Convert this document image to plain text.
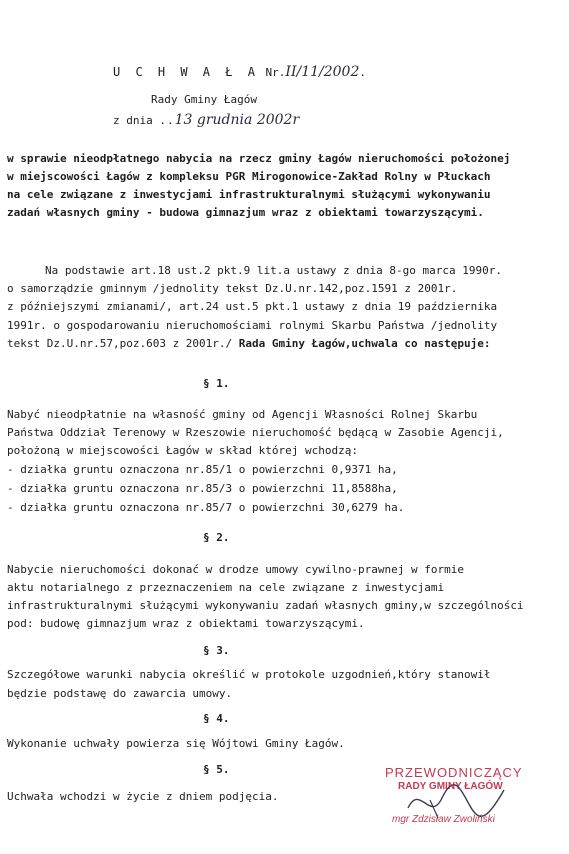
U C H W A Ł A Nr.II/11/2002.
Rady Gminy Łagów
z dnia ..13 grudnia 2002r
w sprawie nieodpłatnego nabycia na rzecz gminy Łagów nieruchomości położonej
w miejscowości Łagów z kompleksu PGR Mirogonowice-Zakład Rolny w Płuckach
na cele związane z inwestycjami infrastrukturalnymi służącymi wykonywaniu
zadań własnych gminy - budowa gimnazjum wraz z obiektami towarzyszącymi.
Na podstawie art.18 ust.2 pkt.9 lit.a ustawy z dnia 8-go marca 1990r.
o samorządzie gminnym /jednolity tekst Dz.U.nr.142,poz.1591 z 2001r.
z późniejszymi zmianami/, art.24 ust.5 pkt.1 ustawy z dnia 19 października
1991r. o gospodarowaniu nieruchomościami rolnymi Skarbu Państwa /jednolity
tekst Dz.U.nr.57,poz.603 z 2001r./ Rada Gminy Łagów,uchwala co następuje:
§ 1.
Nabyć nieodpłatnie na własność gminy od Agencji Własności Rolnej Skarbu
Państwa Oddział Terenowy w Rzeszowie nieruchomość będącą w Zasobie Agencji,
położoną w miejscowości Łagów w skład której wchodzą:
- działka gruntu oznaczona nr.85/1 o powierzchni 0,9371 ha,
- działka gruntu oznaczona nr.85/3 o powierzchni 11,8588ha,
- działka gruntu oznaczona nr.85/7 o powierzchni 30,6279 ha.
§ 2.
Nabycie nieruchomości dokonać w drodze umowy cywilno-prawnej w formie
aktu notarialnego z przeznaczeniem na cele związane z inwestycjami
infrastrukturalnymi służącymi wykonywaniu zadań własnych gminy,w szczególności
pod: budowę gimnazjum wraz z obiektami towarzyszącymi.
§ 3.
Szczegółowe warunki nabycia określić w protokole uzgodnień,który stanowił
będzie podstawę do zawarcia umowy.
§ 4.
Wykonanie uchwały powierza się Wójtowi Gminy Łagów.
§ 5.
Uchwała wchodzi w życie z dniem podjęcia.
PRZEWODNICZĄCY
RADY GMINY ŁAGÓW
mgr Zdzisław Zwoliński
